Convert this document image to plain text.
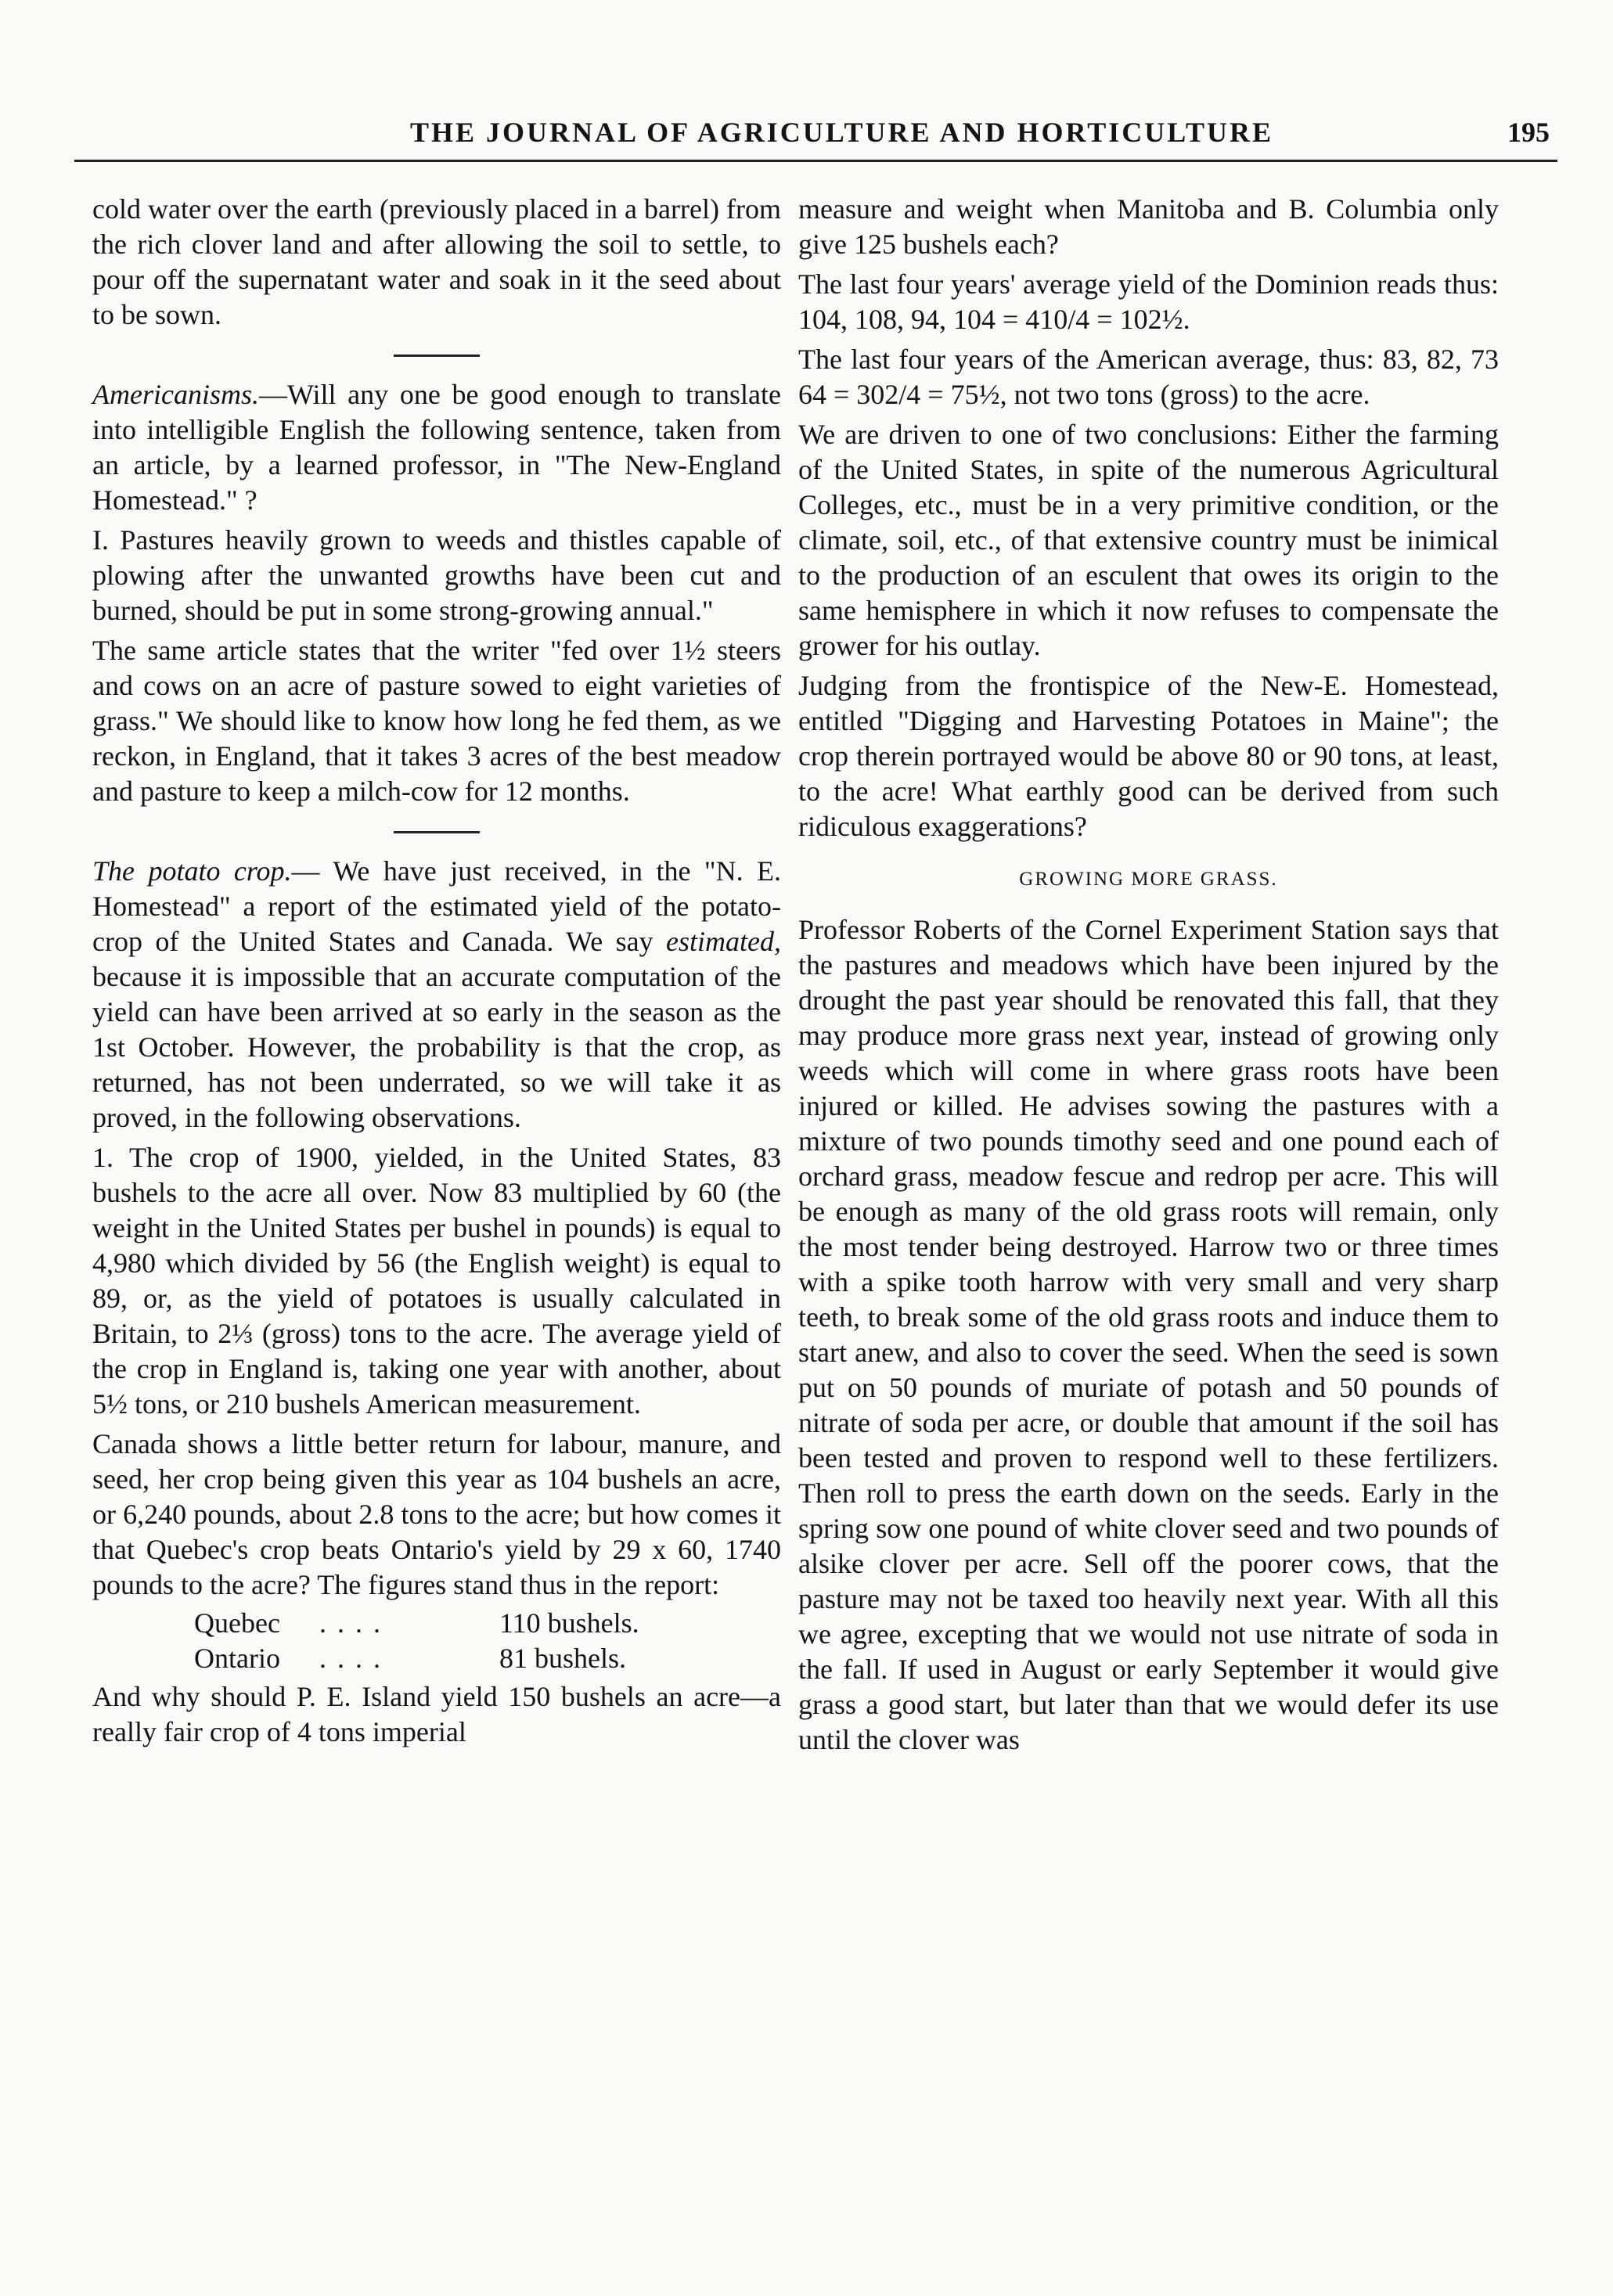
THE JOURNAL OF AGRICULTURE AND HORTICULTURE	195

cold water over the earth (previously placed in a barrel) from the rich clover land and after allowing the soil to settle, to pour off the supernatant water and soak in it the seed about to be sown.

Americanisms.—Will any one be good enough to translate into intelligible English the following sentence, taken from an article, by a learned professor, in "The New-England Homestead." ?

I. Pastures heavily grown to weeds and thistles capable of plowing after the unwanted growths have been cut and burned, should be put in some strong-growing annual."

The same article states that the writer "fed over 1½ steers and cows on an acre of pasture sowed to eight varieties of grass." We should like to know how long he fed them, as we reckon, in England, that it takes 3 acres of the best meadow and pasture to keep a milch-cow for 12 months.

The potato crop.— We have just received, in the "N. E. Homestead" a report of the estimated yield of the potato-crop of the United States and Canada. We say estimated, because it is impossible that an accurate computation of the yield can have been arrived at so early in the season as the 1st October. However, the probability is that the crop, as returned, has not been underrated, so we will take it as proved, in the following observations.

1. The crop of 1900, yielded, in the United States, 83 bushels to the acre all over. Now 83 multiplied by 60 (the weight in the United States per bushel in pounds) is equal to 4,980 which divided by 56 (the English weight) is equal to 89, or, as the yield of potatoes is usually calculated in Britain, to 2⅓ (gross) tons to the acre. The average yield of the crop in England is, taking one year with another, about 5½ tons, or 210 bushels American measurement.

Canada shows a little better return for labour, manure, and seed, her crop being given this year as 104 bushels an acre, or 6,240 pounds, about 2.8 tons to the acre; but how comes it that Quebec's crop beats Ontario's yield by 29 x 60, 1740 pounds to the acre? The figures stand thus in the report:

Quebec	....	110 bushels.
Ontario	....	81 bushels.

And why should P. E. Island yield 150 bushels an acre—a really fair crop of 4 tons imperial

measure and weight when Manitoba and B. Columbia only give 125 bushels each?

The last four years' average yield of the Dominion reads thus: 104, 108, 94, 104 = 410/4 = 102½.

The last four years of the American average, thus: 83, 82, 73 64 = 302/4 = 75½, not two tons (gross) to the acre.

We are driven to one of two conclusions: Either the farming of the United States, in spite of the numerous Agricultural Colleges, etc., must be in a very primitive condition, or the climate, soil, etc., of that extensive country must be inimical to the production of an esculent that owes its origin to the same hemisphere in which it now refuses to compensate the grower for his outlay.

Judging from the frontispice of the New-E. Homestead, entitled "Digging and Harvesting Potatoes in Maine"; the crop therein portrayed would be above 80 or 90 tons, at least, to the acre! What earthly good can be derived from such ridiculous exaggerations?

GROWING MORE GRASS.

Professor Roberts of the Cornel Experiment Station says that the pastures and meadows which have been injured by the drought the past year should be renovated this fall, that they may produce more grass next year, instead of growing only weeds which will come in where grass roots have been injured or killed. He advises sowing the pastures with a mixture of two pounds timothy seed and one pound each of orchard grass, meadow fescue and redrop per acre. This will be enough as many of the old grass roots will remain, only the most tender being destroyed. Harrow two or three times with a spike tooth harrow with very small and very sharp teeth, to break some of the old grass roots and induce them to start anew, and also to cover the seed. When the seed is sown put on 50 pounds of muriate of potash and 50 pounds of nitrate of soda per acre, or double that amount if the soil has been tested and proven to respond well to these fertilizers. Then roll to press the earth down on the seeds. Early in the spring sow one pound of white clover seed and two pounds of alsike clover per acre. Sell off the poorer cows, that the pasture may not be taxed too heavily next year. With all this we agree, excepting that we would not use nitrate of soda in the fall. If used in August or early September it would give grass a good start, but later than that we would defer its use until the clover was
